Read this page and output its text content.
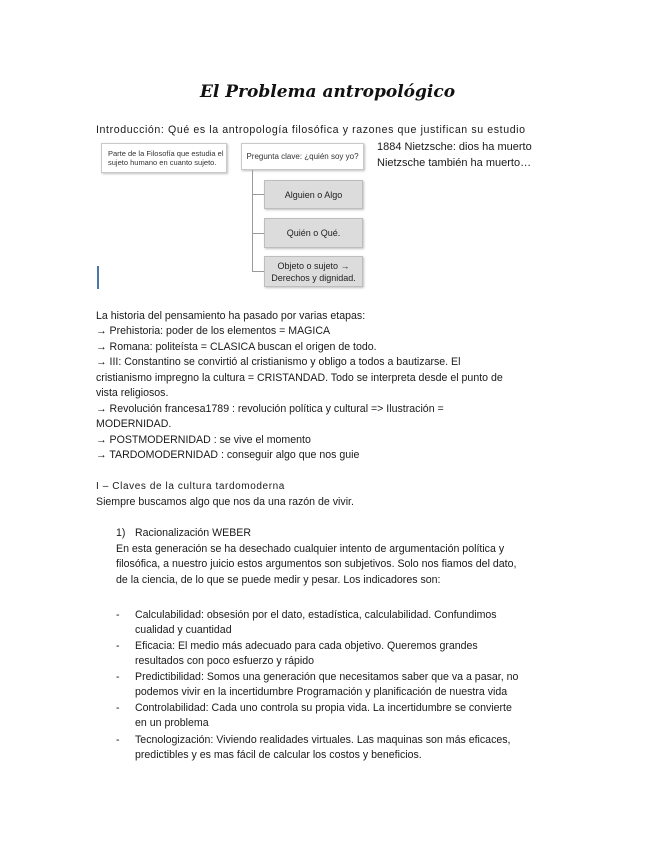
El Problema antropológico
Introducción: Qué es la antropología filosófica y razones que justifican su estudio
Parte de la Filosofía que estudia el sujeto humano en cuanto sujeto.
Pregunta clave: ¿quién soy yo?
Alguien o Algo
Quién o Qué.
Objeto o sujeto →
Derechos y dignidad.
1884 Nietzsche: dios ha muerto
Nietzsche también ha muerto…
La historia del pensamiento ha pasado por varias etapas:
→ Prehistoria: poder de los elementos = MAGICA
→ Romana: politeísta = CLASICA buscan el origen de todo.
→ III: Constantino se convirtió al cristianismo y obligo a todos a bautizarse. El
cristianismo impregno la cultura = CRISTANDAD. Todo se interpreta desde el punto de
vista religiosos.
→ Revolución francesa1789 : revolución política y cultural => Ilustración =
MODERNIDAD.
→ POSTMODERNIDAD : se vive el momento
→ TARDOMODERNIDAD : conseguir algo que nos guie
I – Claves de la cultura tardomoderna
Siempre buscamos algo que nos da una razón de vivir.
1) Racionalización WEBER
En esta generación se ha desechado cualquier intento de argumentación política y
filosófica, a nuestro juicio estos argumentos son subjetivos. Solo nos fiamos del dato,
de la ciencia, de lo que se puede medir y pesar. Los indicadores son:
- Calculabilidad: obsesión por el dato, estadística, calculabilidad. Confundimos
cualidad y cuantidad
- Eficacia: El medio más adecuado para cada objetivo. Queremos grandes
resultados con poco esfuerzo y rápido
- Predictibilidad: Somos una generación que necesitamos saber que va a pasar, no
podemos vivir en la incertidumbre Programación y planificación de nuestra vida
- Controlabilidad: Cada uno controla su propia vida. La incertidumbre se convierte
en un problema
- Tecnologización: Viviendo realidades virtuales. Las maquinas son más eficaces,
predictibles y es mas fácil de calcular los costos y beneficios.
